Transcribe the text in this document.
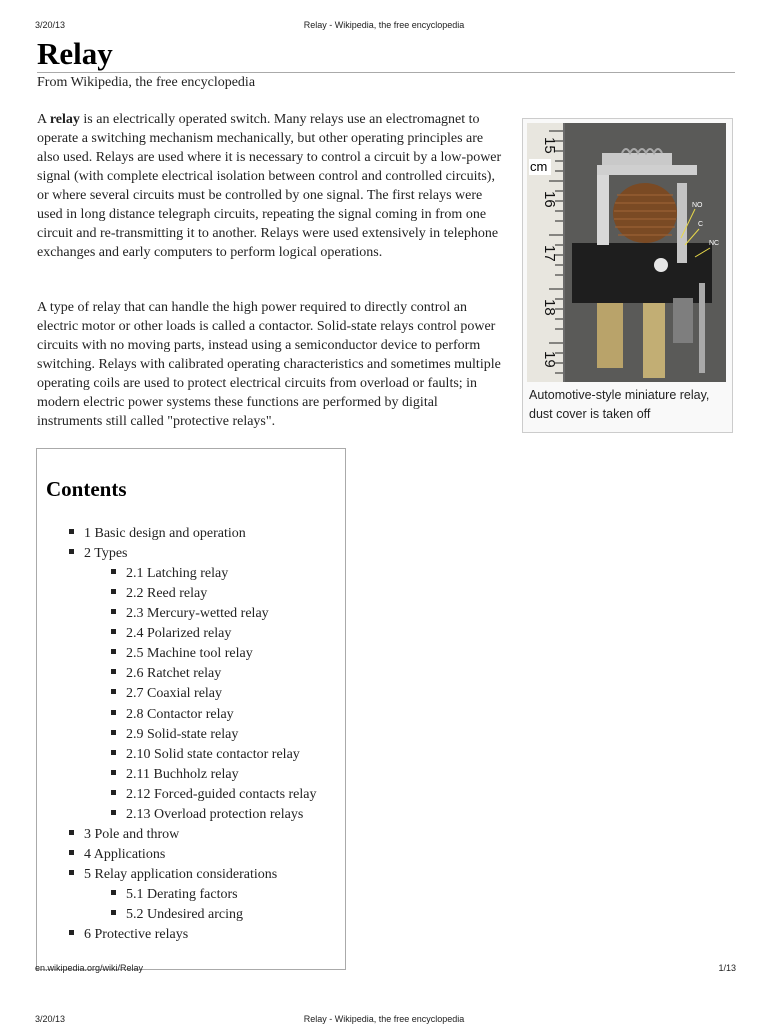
3/20/13	Relay - Wikipedia, the free encyclopedia
Relay
From Wikipedia, the free encyclopedia

A relay is an electrically operated switch. Many relays use an electromagnet to operate a switching mechanism mechanically, but other operating principles are also used. Relays are used where it is necessary to control a circuit by a low-power signal (with complete electrical isolation between control and controlled circuits), or where several circuits must be controlled by one signal. The first relays were used in long distance telegraph circuits, repeating the signal coming in from one circuit and re-transmitting it to another. Relays were used extensively in telephone exchanges and early computers to perform logical operations.

A type of relay that can handle the high power required to directly control an electric motor or other loads is called a contactor. Solid-state relays control power circuits with no moving parts, instead using a semiconductor device to perform switching. Relays with calibrated operating characteristics and sometimes multiple operating coils are used to protect electrical circuits from overload or faults; in modern electric power systems these functions are performed by digital instruments still called "protective relays".

15
16
17
18
19
cm
NO
C
NC
Automotive-style miniature relay, dust cover is taken off
Contents
1 Basic design and operation
2 Types
2.1 Latching relay
2.2 Reed relay
2.3 Mercury-wetted relay
2.4 Polarized relay
2.5 Machine tool relay
2.6 Ratchet relay
2.7 Coaxial relay
2.8 Contactor relay
2.9 Solid-state relay
2.10 Solid state contactor relay
2.11 Buchholz relay
2.12 Forced-guided contacts relay
2.13 Overload protection relays
3 Pole and throw
4 Applications
5 Relay application considerations
5.1 Derating factors
5.2 Undesired arcing
6 Protective relays
en.wikipedia.org/wiki/Relay	1/13
3/20/13	Relay - Wikipedia, the free encyclopedia
